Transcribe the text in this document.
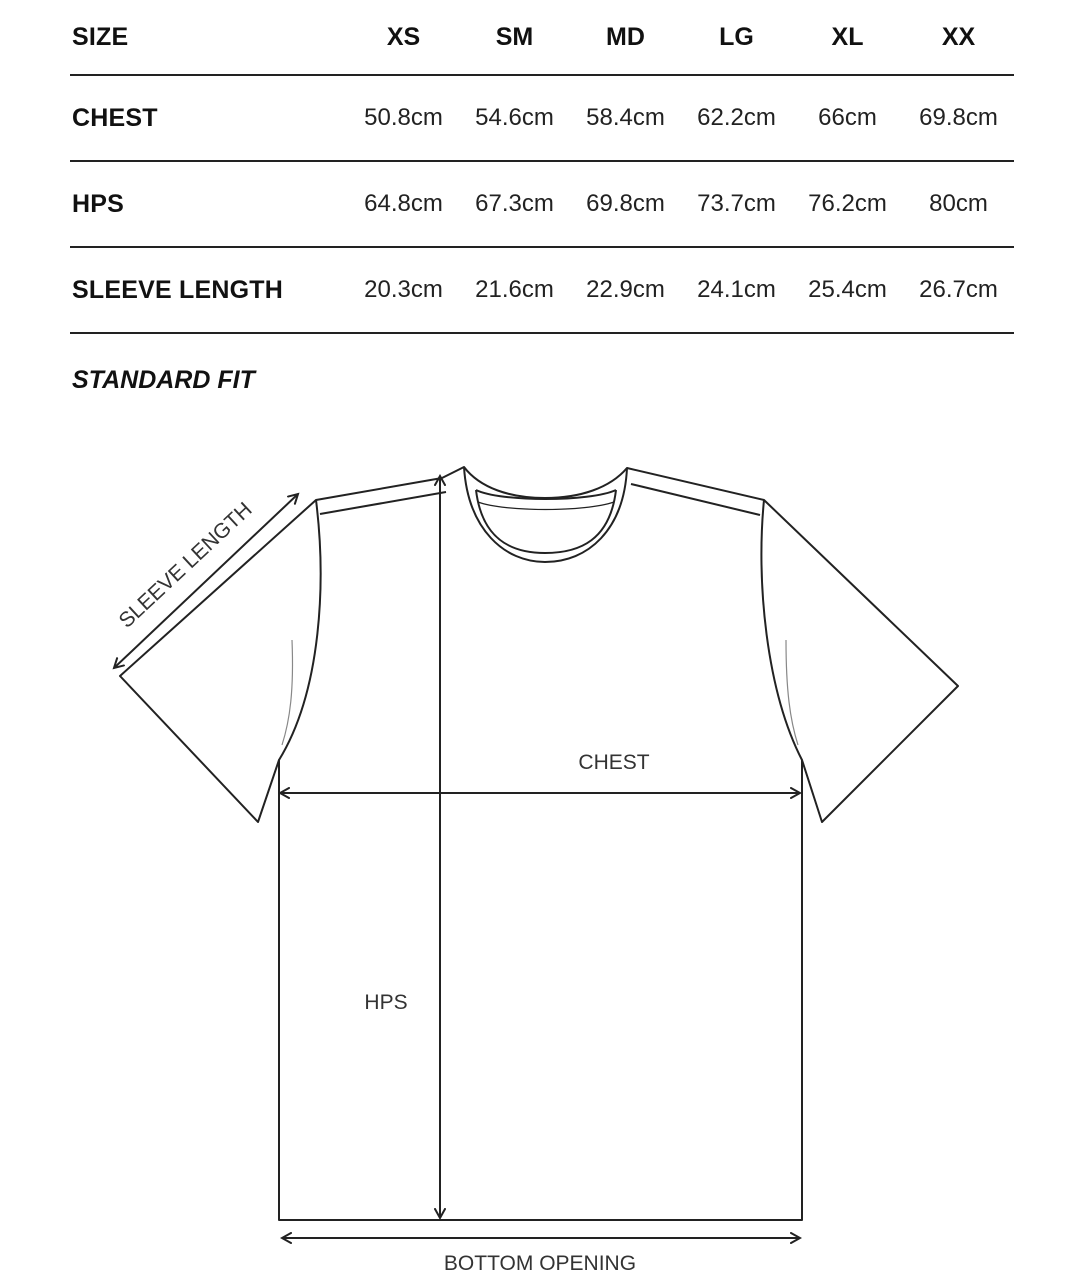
SIZE	XS	SM	MD	LG	XL	XX
CHEST	50.8cm	54.6cm	58.4cm	62.2cm	66cm	69.8cm
HPS	64.8cm	67.3cm	69.8cm	73.7cm	76.2cm	80cm
SLEEVE LENGTH	20.3cm	21.6cm	22.9cm	24.1cm	25.4cm	26.7cm

STANDARD FIT

SLEEVE LENGTH
CHEST
HPS
BOTTOM OPENING
